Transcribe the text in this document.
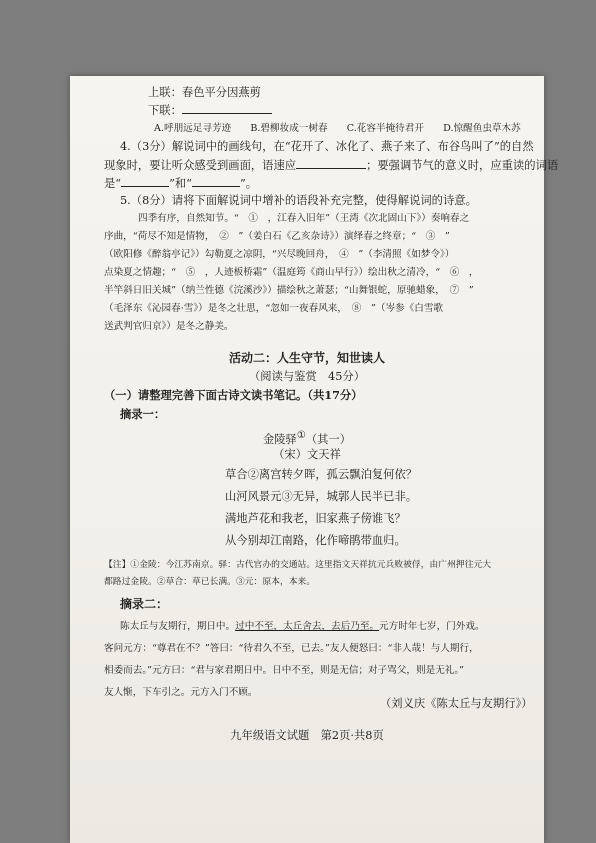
上联：春色平分因燕剪
下联：
A.呼朋远足寻芳迹　　B.碧柳妆成一树春　　C.花容半掩待君开　　D.惊醒鱼虫草木苏
4.（3分）解说词中的画线句，在“花开了、冰化了、燕子来了、布谷鸟叫了”的自然
现象时，要让听众感受到画面，语速应	；要强调节气的意义时，应重读的词语
是“	”和“	”。
5.（8分）请将下面解说词中增补的语段补充完整，使得解说词的诗意。
四季有序，自然知节。“　①　，江春入旧年”（王湾《次北固山下》）奏响春之
序曲，“荷尽不知是情物，　②　”（姜白石《乙亥杂诗》）演绎春之终章；“　③　”
（欧阳修《醉翁亭记》）勾勒夏之凉阴，“兴尽晚回舟，　④　”（李清照《如梦令》）
点染夏之情趣；“　⑤　，人迹板桥霜”（温庭筠《商山早行》）绘出秋之清冷，“　⑥　，
半竿斜日旧关城”（纳兰性德《浣溪沙》）描绘秋之萧瑟；“山舞银蛇，原驰蜡象，　⑦　”
（毛泽东《沁园春·雪》）是冬之壮思，“忽如一夜春风来，　⑧　”（岑参《白雪歌
送武判官归京》）是冬之静美。
活动二：人生守节，知世读人
（阅读与鉴赏　45分）
（一）请整理完善下面古诗文读书笔记。（共17分）
摘录一：
金陵驿①（其一）
（宋）文天祥
草合②离宫转夕晖，孤云飘泊复何依？
山河风景元③无异，城郭人民半已非。
满地芦花和我老，旧家燕子傍谁飞？
从今别却江南路，化作啼鹃带血归。
【注】①金陵：今江苏南京。驿：古代官办的交通站。这里指文天祥抗元兵败被俘，由广州押往元大
都路过金陵。②草合：草已长满。③元：原本，本来。
摘录二：
陈太丘与友期行，期日中。过中不至，太丘舍去，去后乃至。元方时年七岁，门外戏。
客问元方：“尊君在不？”答曰：“待君久不至，已去。”友人便怒曰：“非人哉！与人期行，
相委而去。”元方曰：“君与家君期日中。日中不至，则是无信；对子骂父，则是无礼。”
友人惭，下车引之。元方入门不顾。
（刘义庆《陈太丘与友期行》）
九年级语文试题　第2页·共8页
